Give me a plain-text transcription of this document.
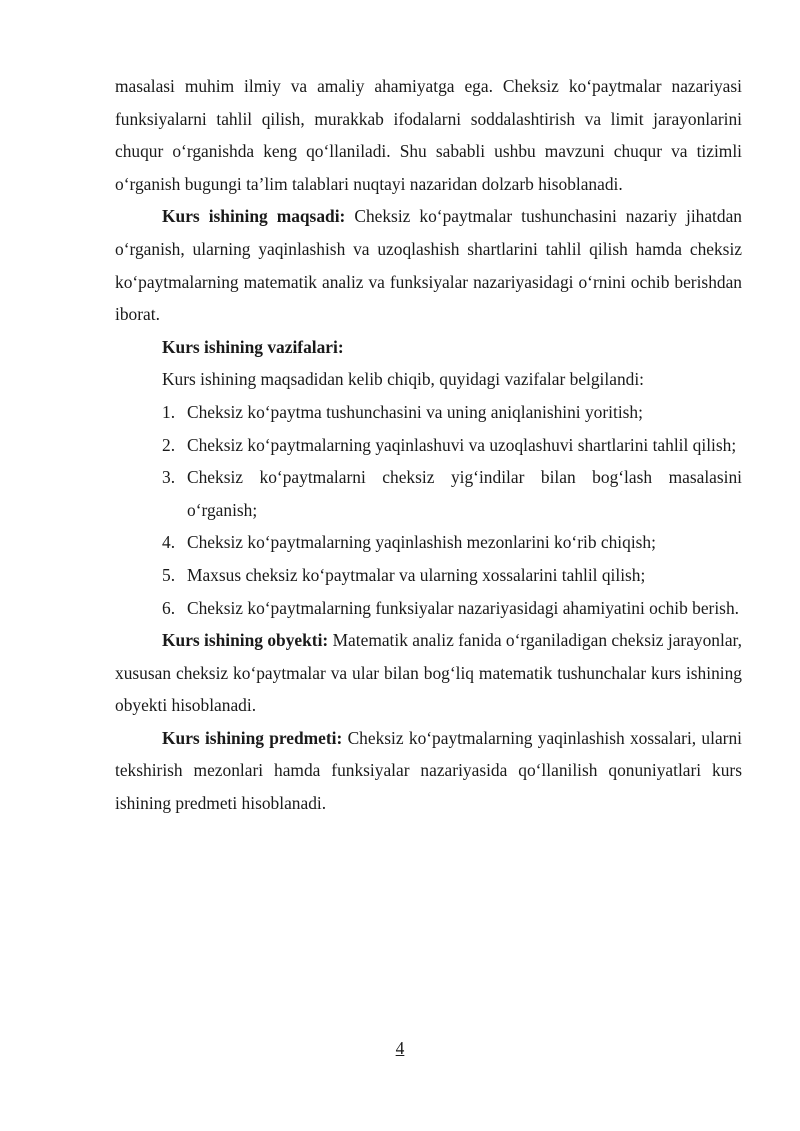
masalasi muhim ilmiy va amaliy ahamiyatga ega. Cheksiz ko‘paytmalar nazariyasi funksiyalarni tahlil qilish, murakkab ifodalarni soddalashtirish va limit jarayonlarini chuqur o‘rganishda keng qo‘llaniladi. Shu sababli ushbu mavzuni chuqur va tizimli o‘rganish bugungi ta’lim talablari nuqtayi nazaridan dolzarb hisoblanadi.

Kurs ishining maqsadi: Cheksiz ko‘paytmalar tushunchasini nazariy jihatdan o‘rganish, ularning yaqinlashish va uzoqlashish shartlarini tahlil qilish hamda cheksiz ko‘paytmalarning matematik analiz va funksiyalar nazariyasidagi o‘rnini ochib berishdan iborat.

Kurs ishining vazifalari:

Kurs ishining maqsadidan kelib chiqib, quyidagi vazifalar belgilandi:

1. Cheksiz ko‘paytma tushunchasini va uning aniqlanishini yoritish;
2. Cheksiz ko‘paytmalarning yaqinlashuvi va uzoqlashuvi shartlarini tahlil qilish;
3. Cheksiz ko‘paytmalarni cheksiz yig‘indilar bilan bog‘lash masalasini o‘rganish;
4. Cheksiz ko‘paytmalarning yaqinlashish mezonlarini ko‘rib chiqish;
5. Maxsus cheksiz ko‘paytmalar va ularning xossalarini tahlil qilish;
6. Cheksiz ko‘paytmalarning funksiyalar nazariyasidagi ahamiyatini ochib berish.

Kurs ishining obyekti: Matematik analiz fanida o‘rganiladigan cheksiz jarayonlar, xususan cheksiz ko‘paytmalar va ular bilan bog‘liq matematik tushunchalar kurs ishining obyekti hisoblanadi.

Kurs ishining predmeti: Cheksiz ko‘paytmalarning yaqinlashish xossalari, ularni tekshirish mezonlari hamda funksiyalar nazariyasida qo‘llanilish qonuniyatlari kurs ishining predmeti hisoblanadi.

4
